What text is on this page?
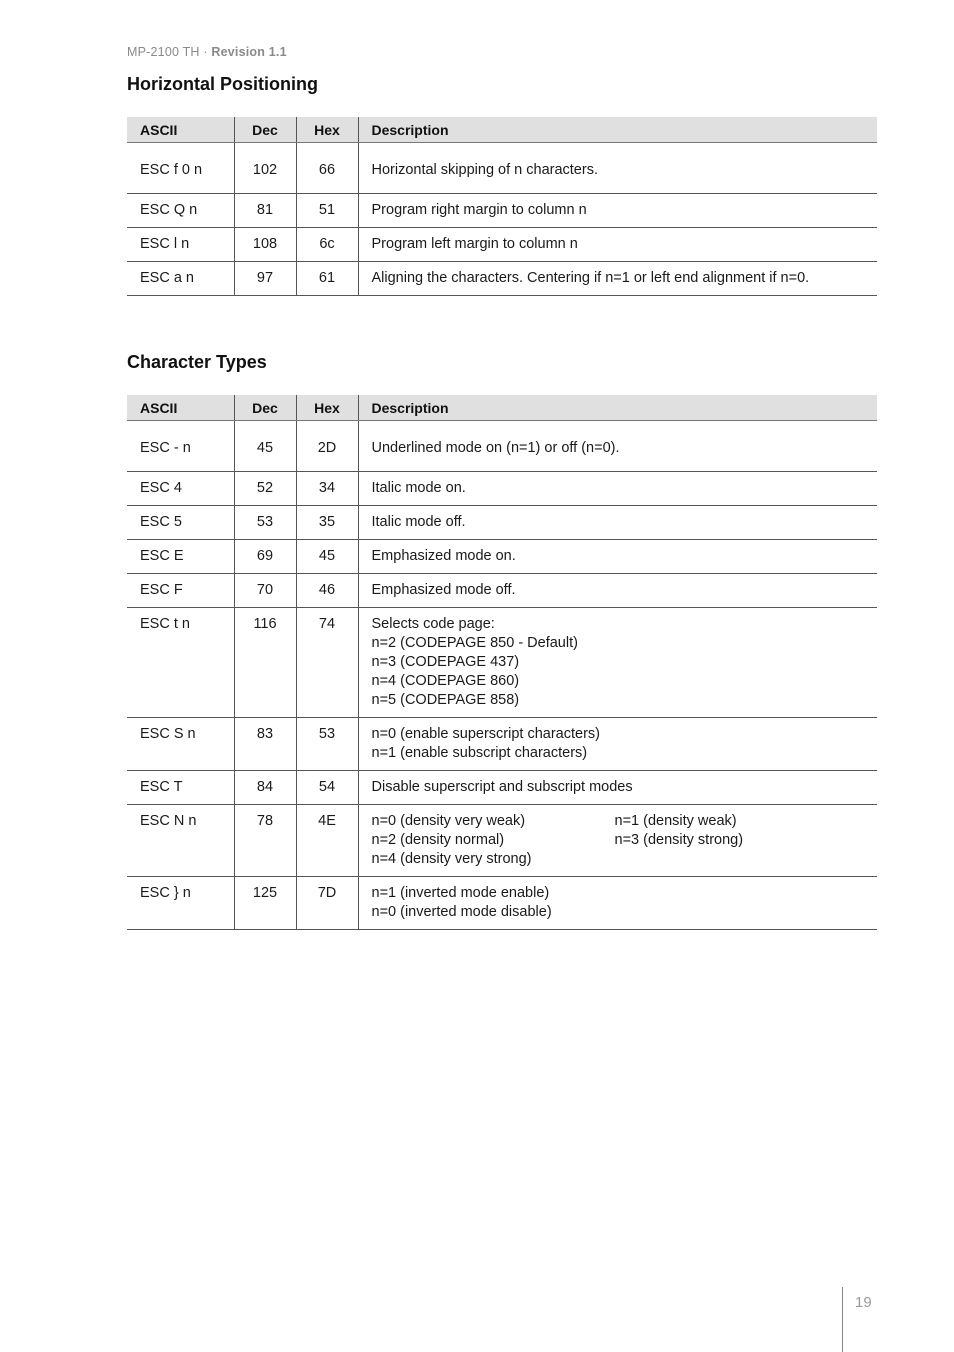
MP-2100 TH · Revision 1.1
Horizontal Positioning
ASCII	Dec	Hex	Description
ESC f 0 n	102	66	Horizontal skipping of n characters.

ESC Q n	81	51	Program right margin to column n

ESC l n	108	6c	Program left margin to column n

ESC a n	97	61	Aligning the characters. Centering if n=1 or left end alignment if n=0.
Character Types
ASCII	Dec	Hex	Description
ESC - n	45	2D	Underlined mode on (n=1) or off (n=0).

ESC 4	52	34	Italic mode on.

ESC 5	53	35	Italic mode off.

ESC E	69	45	Emphasized mode on.

ESC F	70	46	Emphasized mode off.

ESC t n	116	74	Selects code page:
n=2 (CODEPAGE 850 - Default)
n=3 (CODEPAGE 437)
n=4 (CODEPAGE 860)
n=5 (CODEPAGE 858)

ESC S n	83	53	n=0 (enable superscript characters)
n=1 (enable subscript characters)

ESC T	84	54	Disable superscript and subscript modes

ESC N n	78	4E	n=0 (density very weak) n=1 (density weak)
n=2 (density normal) n=3 (density strong)
n=4 (density very strong)

ESC } n	125	7D	n=1 (inverted mode enable)
n=0 (inverted mode disable)
19
